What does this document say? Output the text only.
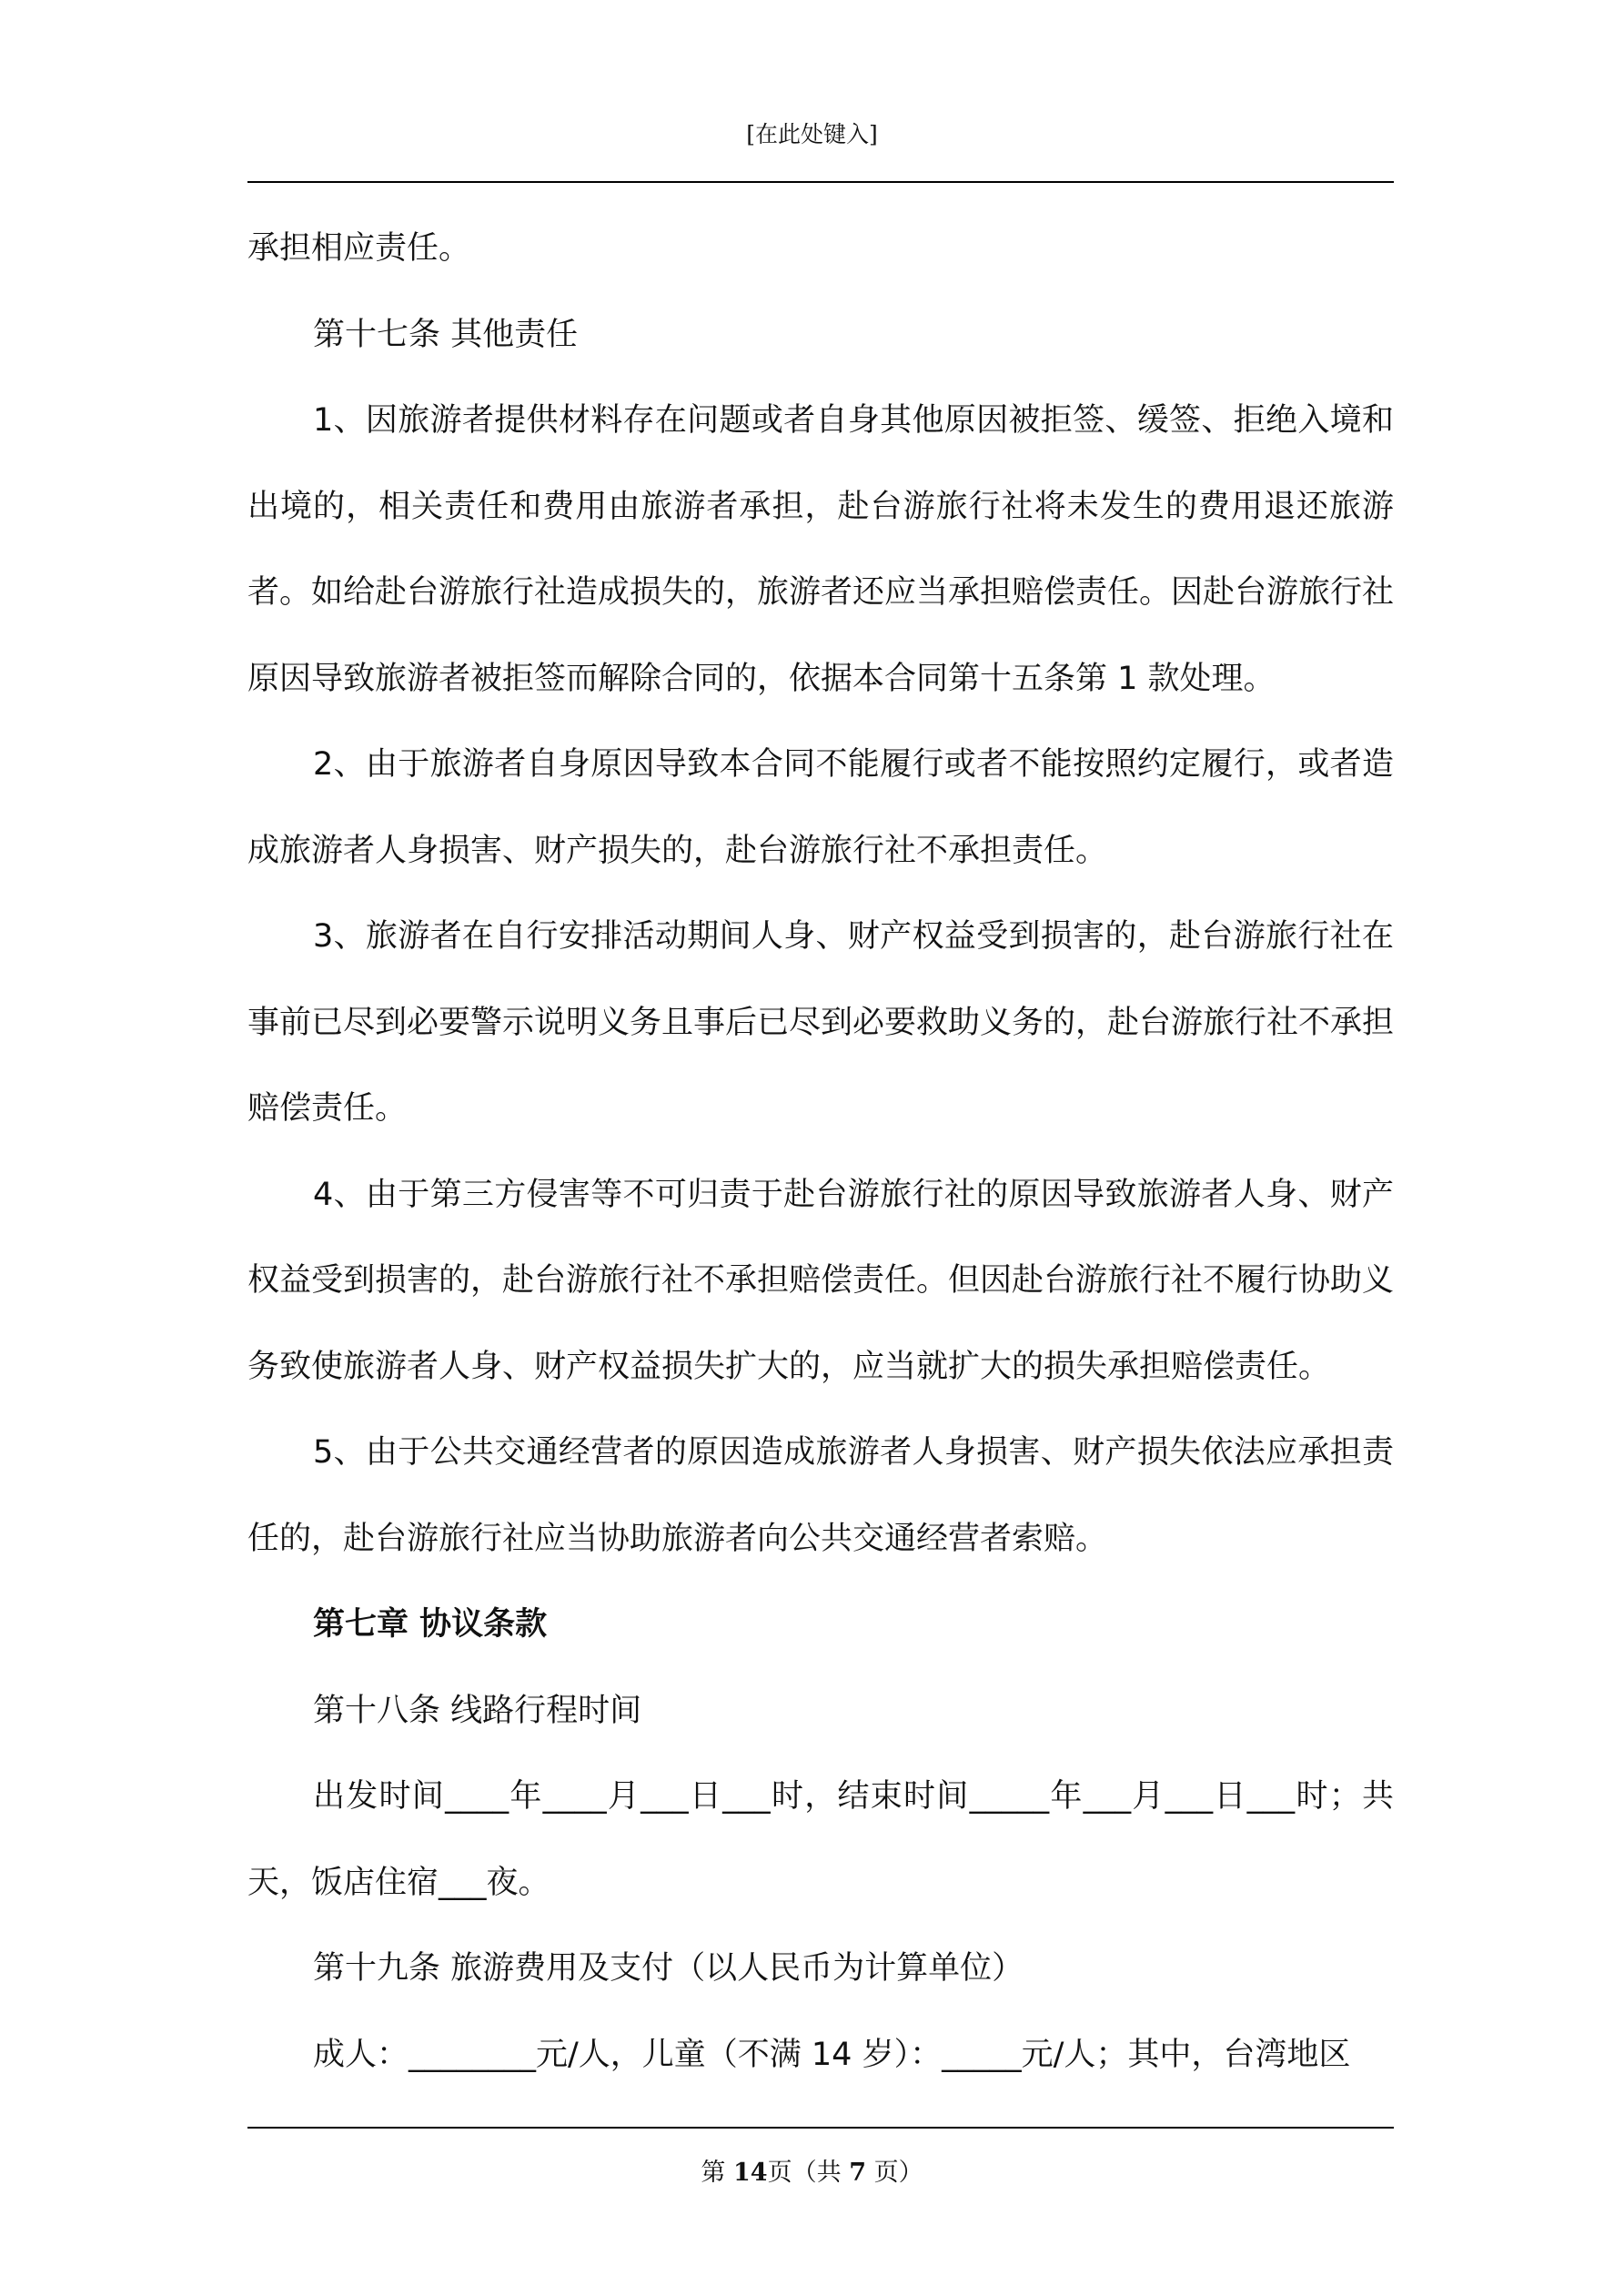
[在此处键入]

承担相应责任。

第十七条 其他责任

1、因旅游者提供材料存在问题或者自身其他原因被拒签、缓签、拒绝入境和出境的，相关责任和费用由旅游者承担，赴台游旅行社将未发生的费用退还旅游者。如给赴台游旅行社造成损失的，旅游者还应当承担赔偿责任。因赴台游旅行社原因导致旅游者被拒签而解除合同的，依据本合同第十五条第 1 款处理。

2、由于旅游者自身原因导致本合同不能履行或者不能按照约定履行，或者造成旅游者人身损害、财产损失的，赴台游旅行社不承担责任。

3、旅游者在自行安排活动期间人身、财产权益受到损害的，赴台游旅行社在事前已尽到必要警示说明义务且事后已尽到必要救助义务的，赴台游旅行社不承担赔偿责任。

4、由于第三方侵害等不可归责于赴台游旅行社的原因导致旅游者人身、财产权益受到损害的，赴台游旅行社不承担赔偿责任。但因赴台游旅行社不履行协助义务致使旅游者人身、财产权益损失扩大的，应当就扩大的损失承担赔偿责任。

5、由于公共交通经营者的原因造成旅游者人身损害、财产损失依法应承担责任的，赴台游旅行社应当协助旅游者向公共交通经营者索赔。

第七章 协议条款

第十八条 线路行程时间

出发时间____年____月___日___时，结束时间_____年___月___日___时；共天，饭店住宿___夜。

第十九条 旅游费用及支付（以人民币为计算单位）

成人：________元/人，儿童（不满 14 岁）：_____元/人；其中，台湾地区

第 14页（共 7 页）
